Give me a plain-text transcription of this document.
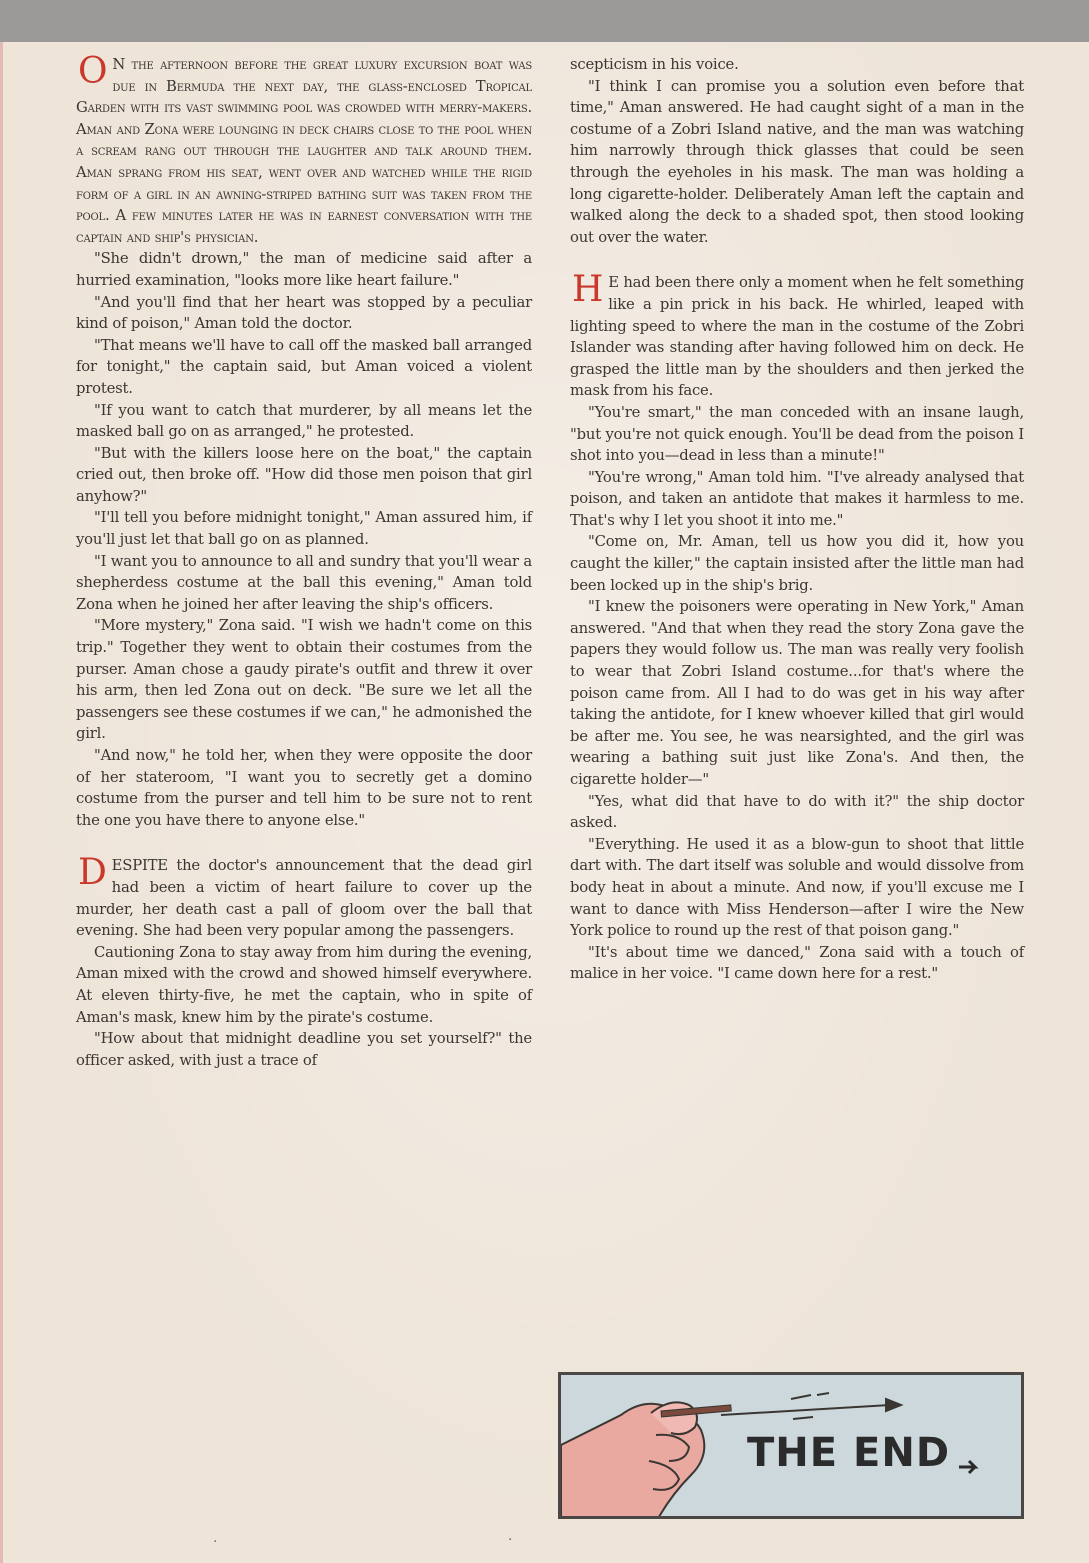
O N the afternoon before the great luxury excursion boat was due in Bermuda the next day, the glass-enclosed Tropical Garden with its vast swimming pool was crowded with merry-makers. Aman and Zona were lounging in deck chairs close to the pool when a scream rang out through the laughter and talk around them. Aman sprang from his seat, went over and watched while the rigid form of a girl in an awning-striped bathing suit was taken from the pool. A few minutes later he was in earnest conversation with the captain and ship's physician.

"She didn't drown," the man of medicine said after a hurried examination, "looks more like heart failure."

"And you'll find that her heart was stopped by a peculiar kind of poison," Aman told the doctor.

"That means we'll have to call off the masked ball arranged for tonight," the captain said, but Aman voiced a violent protest.

"If you want to catch that murderer, by all means let the masked ball go on as arranged," he protested.

"But with the killers loose here on the boat," the captain cried out, then broke off. "How did those men poison that girl anyhow?"

"I'll tell you before midnight tonight," Aman assured him, if you'll just let that ball go on as planned.

"I want you to announce to all and sundry that you'll wear a shepherdess costume at the ball this evening," Aman told Zona when he joined her after leaving the ship's officers.

"More mystery," Zona said. "I wish we hadn't come on this trip." Together they went to obtain their costumes from the purser. Aman chose a gaudy pirate's outfit and threw it over his arm, then led Zona out on deck. "Be sure we let all the passengers see these costumes if we can," he admonished the girl.

"And now," he told her, when they were opposite the door of her stateroom, "I want you to secretly get a domino costume from the purser and tell him to be sure not to rent the one you have there to anyone else."

DESPITE the doctor's announcement that the dead girl had been a victim of heart failure to cover up the murder, her death cast a pall of gloom over the ball that evening. She had been very popular among the passengers.

Cautioning Zona to stay away from him during the evening, Aman mixed with the crowd and showed himself everywhere. At eleven thirty-five, he met the captain, who in spite of Aman's mask, knew him by the pirate's costume.

"How about that midnight deadline you set yourself?" the officer asked, with just a trace of

scepticism in his voice.

"I think I can promise you a solution even before that time," Aman answered. He had caught sight of a man in the costume of a Zobri Island native, and the man was watching him narrowly through thick glasses that could be seen through the eyeholes in his mask. The man was holding a long cigarette-holder. Deliberately Aman left the captain and walked along the deck to a shaded spot, then stood looking out over the water.

H E had been there only a moment when he felt something like a pin prick in his back. He whirled, leaped with lighting speed to where the man in the costume of the Zobri Islander was standing after having followed him on deck. He grasped the little man by the shoulders and then jerked the mask from his face.

"You're smart," the man conceded with an insane laugh, "but you're not quick enough. You'll be dead from the poison I shot into you—dead in less than a minute!"

"You're wrong," Aman told him. "I've already analysed that poison, and taken an antidote that makes it harmless to me. That's why I let you shoot it into me."

"Come on, Mr. Aman, tell us how you did it, how you caught the killer," the captain insisted after the little man had been locked up in the ship's brig.

"I knew the poisoners were operating in New York," Aman answered. "And that when they read the story Zona gave the papers they would follow us. The man was really very foolish to wear that Zobri Island costume...for that's where the poison came from. All I had to do was get in his way after taking the antidote, for I knew whoever killed that girl would be after me. You see, he was nearsighted, and the girl was wearing a bathing suit just like Zona's. And then, the cigarette holder—"

"Yes, what did that have to do with it?" the ship doctor asked.

"Everything. He used it as a blow-gun to shoot that little dart with. The dart itself was soluble and would dissolve from body heat in about a minute. And now, if you'll excuse me I want to dance with Miss Henderson—after I wire the New York police to round up the rest of that poison gang."

"It's about time we danced," Zona said with a touch of malice in her voice. "I came down here for a rest."

THE END
·	·
